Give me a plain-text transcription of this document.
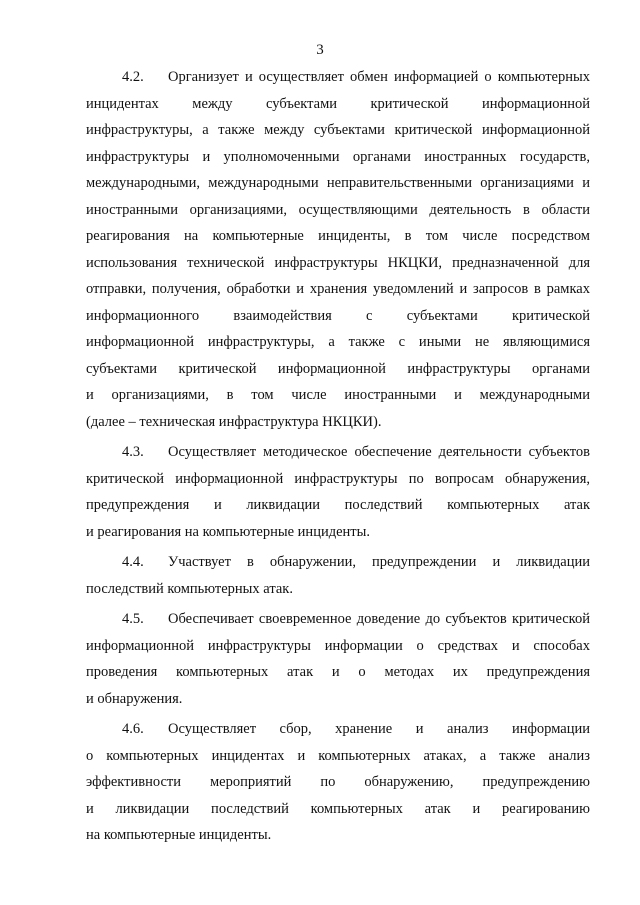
3
4.2. Организует и осуществляет обмен информацией о компьютерных
инцидентах между субъектами критической информационной
инфраструктуры, а также между субъектами критической информационной
инфраструктуры и уполномоченными органами иностранных государств,
международными, международными неправительственными организациями и
иностранными организациями, осуществляющими деятельность в области
реагирования на компьютерные инциденты, в том числе посредством
использования технической инфраструктуры НКЦКИ, предназначенной для
отправки, получения, обработки и хранения уведомлений и запросов в рамках
информационного взаимодействия с субъектами критической
информационной инфраструктуры, а также с иными не являющимися
субъектами критической информационной инфраструктуры органами
и организациями, в том числе иностранными и международными
(далее – техническая инфраструктура НКЦКИ).
4.3. Осуществляет методическое обеспечение деятельности субъектов
критической информационной инфраструктуры по вопросам обнаружения,
предупреждения и ликвидации последствий компьютерных атак
и реагирования на компьютерные инциденты.
4.4. Участвует в обнаружении, предупреждении и ликвидации
последствий компьютерных атак.
4.5. Обеспечивает своевременное доведение до субъектов критической
информационной инфраструктуры информации о средствах и способах
проведения компьютерных атак и о методах их предупреждения
и обнаружения.
4.6. Осуществляет сбор, хранение и анализ информации
о компьютерных инцидентах и компьютерных атаках, а также анализ
эффективности мероприятий по обнаружению, предупреждению
и ликвидации последствий компьютерных атак и реагированию
на компьютерные инциденты.
